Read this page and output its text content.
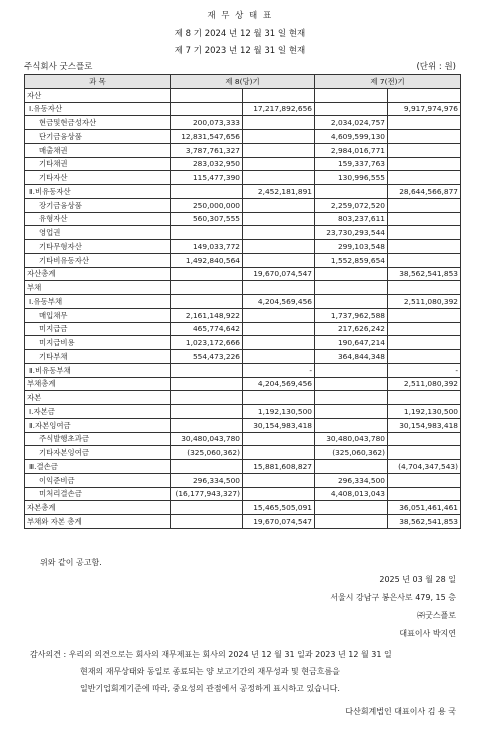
재 무 상 태 표
제 8 기 2024 년 12 월 31 일 현재
제 7 기 2023 년 12 월 31 일 현재
주식회사 굿스플로	(단위 : 원)
과 목	제 8(당)기		제 7(전)기	
자산				
Ⅰ.유동자산		17,217,892,656		9,917,974,976
현금및현금성자산	200,073,333		2,034,024,757	
단기금융상품	12,831,547,656		4,609,599,130	
매출채권	3,787,761,327		2,984,016,771	
기타채권	283,032,950		159,337,763	
기타자산	115,477,390		130,996,555	
Ⅱ.비유동자산		2,452,181,891		28,644,566,877
장기금융상품	250,000,000		2,259,072,520	
유형자산	560,307,555		803,237,611	
영업권			23,730,293,544	
기타무형자산	149,033,772		299,103,548	
기타비유동자산	1,492,840,564		1,552,859,654	
자산총계		19,670,074,547		38,562,541,853
부채				
Ⅰ.유동부채		4,204,569,456		2,511,080,392
매입채무	2,161,148,922		1,737,962,588	
미지급금	465,774,642		217,626,242	
미지급비용	1,023,172,666		190,647,214	
기타부채	554,473,226		364,844,348	
Ⅱ.비유동부채		-		-
부채총계		4,204,569,456		2,511,080,392
자본				
Ⅰ.자본금		1,192,130,500		1,192,130,500
Ⅱ.자본잉여금		30,154,983,418		30,154,983,418
주식발행초과금	30,480,043,780		30,480,043,780	
기타자본잉여금	(325,060,362)		(325,060,362)	
Ⅲ.결손금		15,881,608,827		(4,704,347,543)
이익준비금	296,334,500		296,334,500	
미처리결손금	(16,177,943,327)		4,408,013,043	
자본총계		15,465,505,091		36,051,461,461
부채와 자본 총계		19,670,074,547		38,562,541,853
위와 같이 공고함.
2025 년 03 월 28 일
서울시 강남구 봉은사로 479, 15 층
㈜굿스플로
대표이사 박지연
감사의견 : 우리의 의견으로는 회사의 재무제표는 회사의 2024 년 12 월 31 일과 2023 년 12 월 31 일
현재의 재무상태와 동일로 종료되는 양 보고기간의 재무성과 및 현금흐름을
일반기업회계기준에 따라, 중요성의 관점에서 공정하게 표시하고 있습니다.
다산회계법인 대표이사 김 용 국
